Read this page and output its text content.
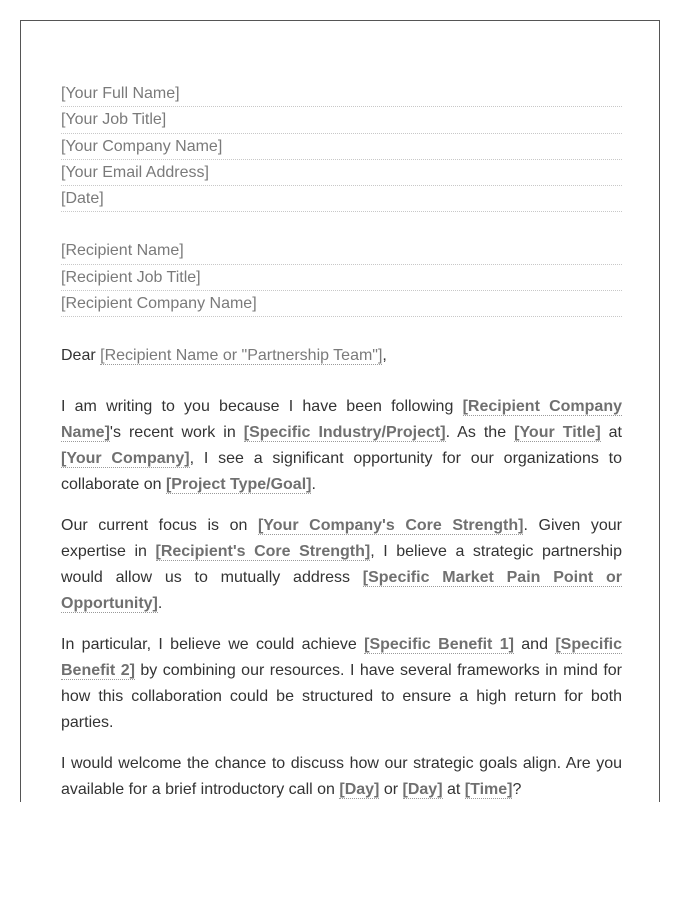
[Your Full Name]
[Your Job Title]
[Your Company Name]
[Your Email Address]
[Date]
[Recipient Name]
[Recipient Job Title]
[Recipient Company Name]
Dear [Recipient Name or "Partnership Team"],

I am writing to you because I have been following [Recipient Company Name]'s recent work in [Specific Industry/Project]. As the [Your Title] at [Your Company], I see a significant opportunity for our organizations to collaborate on [Project Type/Goal].

Our current focus is on [Your Company's Core Strength]. Given your expertise in [Recipient's Core Strength], I believe a strategic partnership would allow us to mutually address [Specific Market Pain Point or Opportunity].

In particular, I believe we could achieve [Specific Benefit 1] and [Specific Benefit 2] by combining our resources. I have several frameworks in mind for how this collaboration could be structured to ensure a high return for both parties.

I would welcome the chance to discuss how our strategic goals align. Are you available for a brief introductory call on [Day] or [Day] at [Time]?
